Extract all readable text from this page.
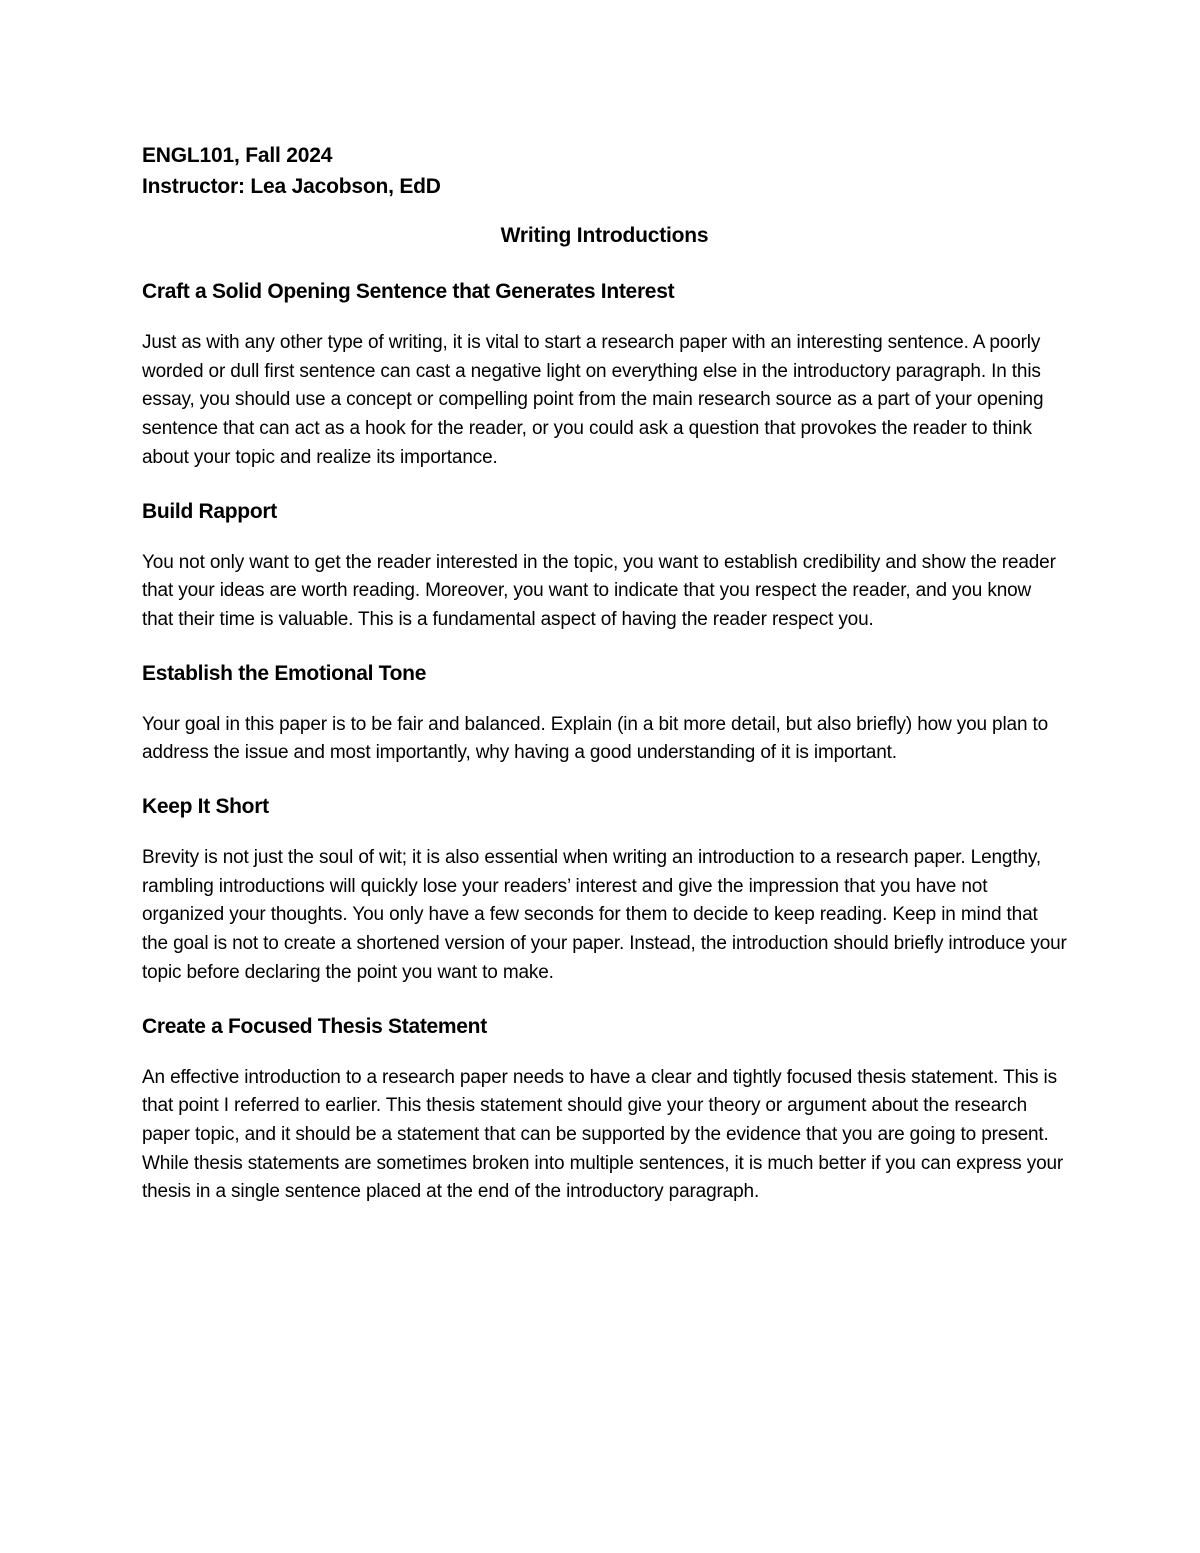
ENGL101, Fall 2024

Instructor: Lea Jacobson, EdD

Writing Introductions
Craft a Solid Opening Sentence that Generates Interest

Just as with any other type of writing, it is vital to start a research paper with an interesting sentence. A poorly worded or dull first sentence can cast a negative light on everything else in the introductory paragraph. In this essay, you should use a concept or compelling point from the main research source as a part of your opening sentence that can act as a hook for the reader, or you could ask a question that provokes the reader to think about your topic and realize its importance.

Build Rapport

You not only want to get the reader interested in the topic, you want to establish credibility and show the reader that your ideas are worth reading. Moreover, you want to indicate that you respect the reader, and you know that their time is valuable. This is a fundamental aspect of having the reader respect you.

Establish the Emotional Tone

Your goal in this paper is to be fair and balanced. Explain (in a bit more detail, but also briefly) how you plan to address the issue and most importantly, why having a good understanding of it is important.

Keep It Short

Brevity is not just the soul of wit; it is also essential when writing an introduction to a research paper. Lengthy, rambling introductions will quickly lose your readers’ interest and give the impression that you have not organized your thoughts. You only have a few seconds for them to decide to keep reading. Keep in mind that the goal is not to create a shortened version of your paper. Instead, the introduction should briefly introduce your topic before declaring the point you want to make.

Create a Focused Thesis Statement

An effective introduction to a research paper needs to have a clear and tightly focused thesis statement. This is that point I referred to earlier. This thesis statement should give your theory or argument about the research paper topic, and it should be a statement that can be supported by the evidence that you are going to present. While thesis statements are sometimes broken into multiple sentences, it is much better if you can express your thesis in a single sentence placed at the end of the introductory paragraph.
